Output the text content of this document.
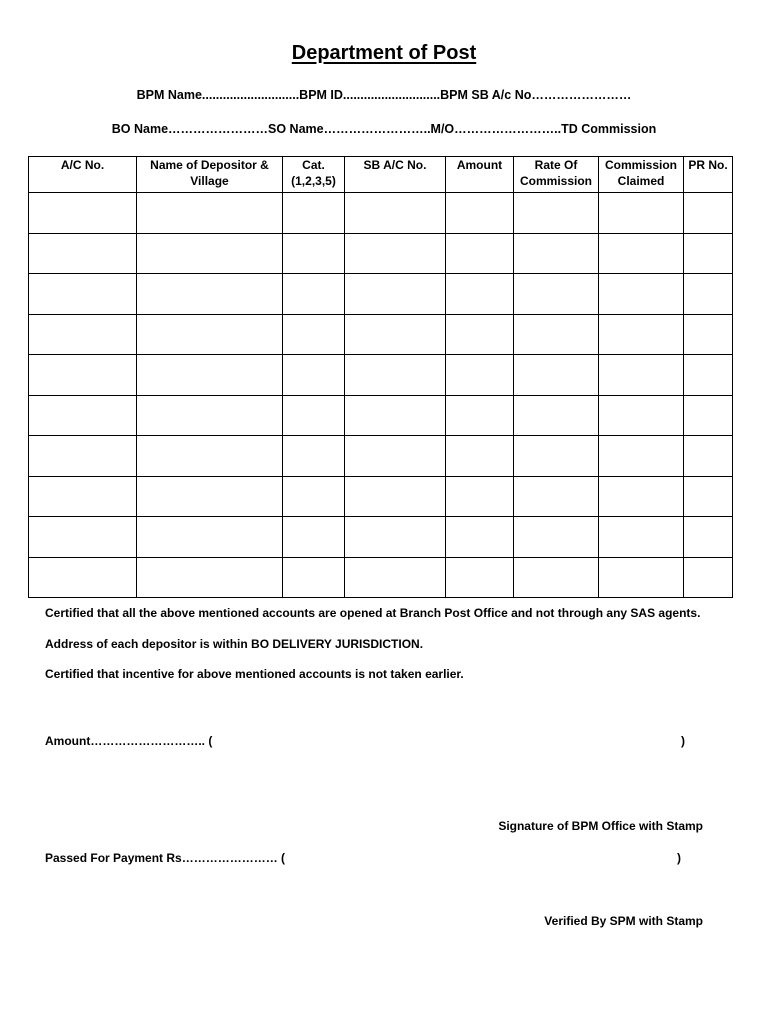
Department of Post
BPM Name............................BPM ID............................BPM SB A/c No……………………
BO Name……………………SO Name……………………..M/O……………………..TD Commission
A/C No.	Name of Depositor & Village	Cat. (1,2,3,5)	SB A/C No.	Amount	Rate Of Commission	Commission Claimed	PR No.

Certified that all the above mentioned accounts are opened at Branch Post Office and not through any SAS agents.
Address of each depositor is within BO DELIVERY JURISDICTION.
Certified that incentive for above mentioned accounts is not taken earlier.
Amount……………………….. (	)
Signature of BPM Office with Stamp
Passed For Payment Rs…………………… (	)
Verified By SPM with Stamp
